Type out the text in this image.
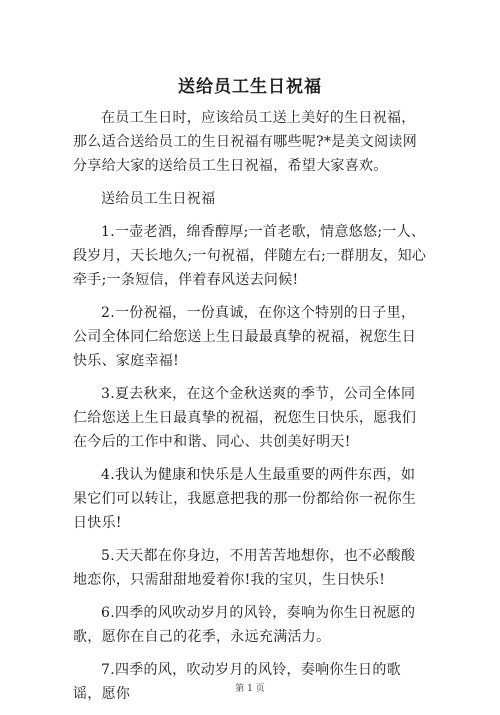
送给员工生日祝福

在员工生日时，应该给员工送上美好的生日祝福，那么适合送给员工的生日祝福有哪些呢?*是美文阅读网分享给大家的送给员工生日祝福，希望大家喜欢。

送给员工生日祝福

1.一壶老酒，绵香醇厚;一首老歌，情意悠悠;一人、段岁月，天长地久;一句祝福，伴随左右;一群朋友，知心牵手;一条短信，伴着春风送去问候!

2.一份祝福，一份真诚，在你这个特别的日子里，公司全体同仁给您送上生日最最真挚的祝福，祝您生日快乐、家庭幸福!

3.夏去秋来，在这个金秋送爽的季节，公司全体同仁给您送上生日最真挚的祝福，祝您生日快乐，愿我们在今后的工作中和谐、同心、共创美好明天!

4.我认为健康和快乐是人生最重要的两件东西，如果它们可以转让，我愿意把我的那一份都给你一祝你生日快乐!

5.天天都在你身边，不用苦苦地想你，也不必酸酸地恋你，只需甜甜地爱着你!我的宝贝，生日快乐!

6.四季的风吹动岁月的风铃，奏响为你生日祝愿的歌，愿你在自己的花季，永远充满活力。

7.四季的风，吹动岁月的风铃，奏响你生日的歌谣，愿你	第 1 页
